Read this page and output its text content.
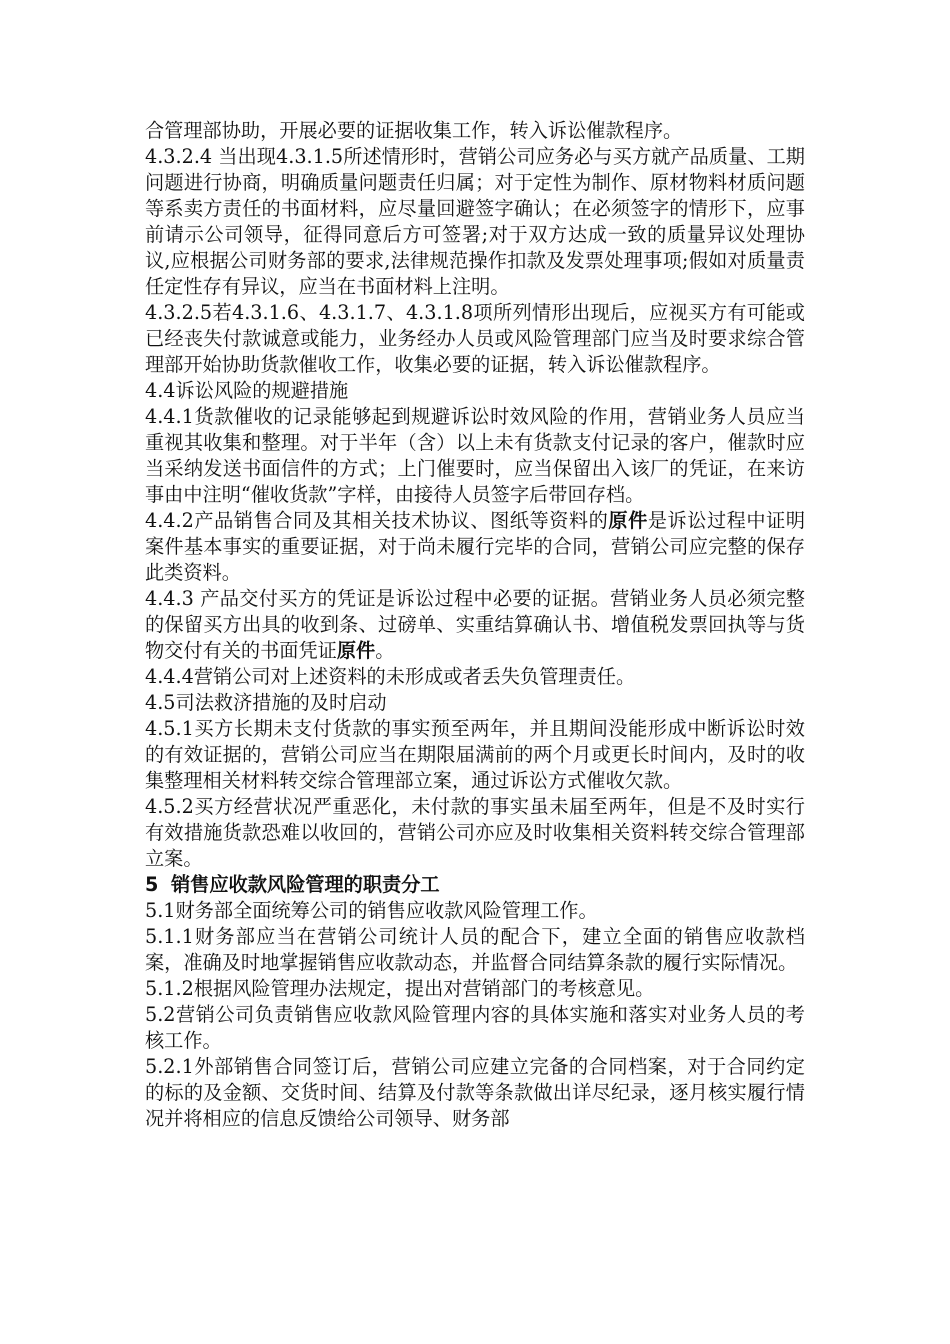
合管理部协助，开展必要的证据收集工作，转入诉讼催款程序。

4.3.2.4 当出现4.3.1.5所述情形时，营销公司应务必与买方就产品质量、工期问题进行协商，明确质量问题责任归属；对于定性为制作、原材物料材质问题等系卖方责任的书面材料，应尽量回避签字确认；在必须签字的情形下，应事前请示公司领导，征得同意后方可签署;对于双方达成一致的质量异议处理协议,应根据公司财务部的要求,法律规范操作扣款及发票处理事项;假如对质量责任定性存有异议，应当在书面材料上注明。

4.3.2.5若4.3.1.6、4.3.1.7、4.3.1.8项所列情形出现后，应视买方有可能或已经丧失付款诚意或能力，业务经办人员或风险管理部门应当及时要求综合管理部开始协助货款催收工作，收集必要的证据，转入诉讼催款程序。

4.4诉讼风险的规避措施

4.4.1货款催收的记录能够起到规避诉讼时效风险的作用，营销业务人员应当重视其收集和整理。对于半年（含）以上未有货款支付记录的客户，催款时应当采纳发送书面信件的方式；上门催要时，应当保留出入该厂的凭证，在来访事由中注明“催收货款”字样，由接待人员签字后带回存档。

4.4.2产品销售合同及其相关技术协议、图纸等资料的原件是诉讼过程中证明案件基本事实的重要证据，对于尚未履行完毕的合同，营销公司应完整的保存此类资料。

4.4.3 产品交付买方的凭证是诉讼过程中必要的证据。营销业务人员必须完整的保留买方出具的收到条、过磅单、实重结算确认书、增值税发票回执等与货物交付有关的书面凭证原件。

4.4.4营销公司对上述资料的未形成或者丢失负管理责任。

4.5司法救济措施的及时启动

4.5.1买方长期未支付货款的事实预至两年，并且期间没能形成中断诉讼时效的有效证据的，营销公司应当在期限届满前的两个月或更长时间内，及时的收集整理相关材料转交综合管理部立案，通过诉讼方式催收欠款。

4.5.2买方经营状况严重恶化，未付款的事实虽未届至两年，但是不及时实行有效措施货款恐难以收回的，营销公司亦应及时收集相关资料转交综合管理部立案。

5 销售应收款风险管理的职责分工

5.1财务部全面统筹公司的销售应收款风险管理工作。

5.1.1财务部应当在营销公司统计人员的配合下，建立全面的销售应收款档案，准确及时地掌握销售应收款动态，并监督合同结算条款的履行实际情况。

5.1.2根据风险管理办法规定，提出对营销部门的考核意见。

5.2营销公司负责销售应收款风险管理内容的具体实施和落实对业务人员的考核工作。

5.2.1外部销售合同签订后，营销公司应建立完备的合同档案，对于合同约定的标的及金额、交货时间、结算及付款等条款做出详尽纪录，逐月核实履行情况并将相应的信息反馈给公司领导、财务部
